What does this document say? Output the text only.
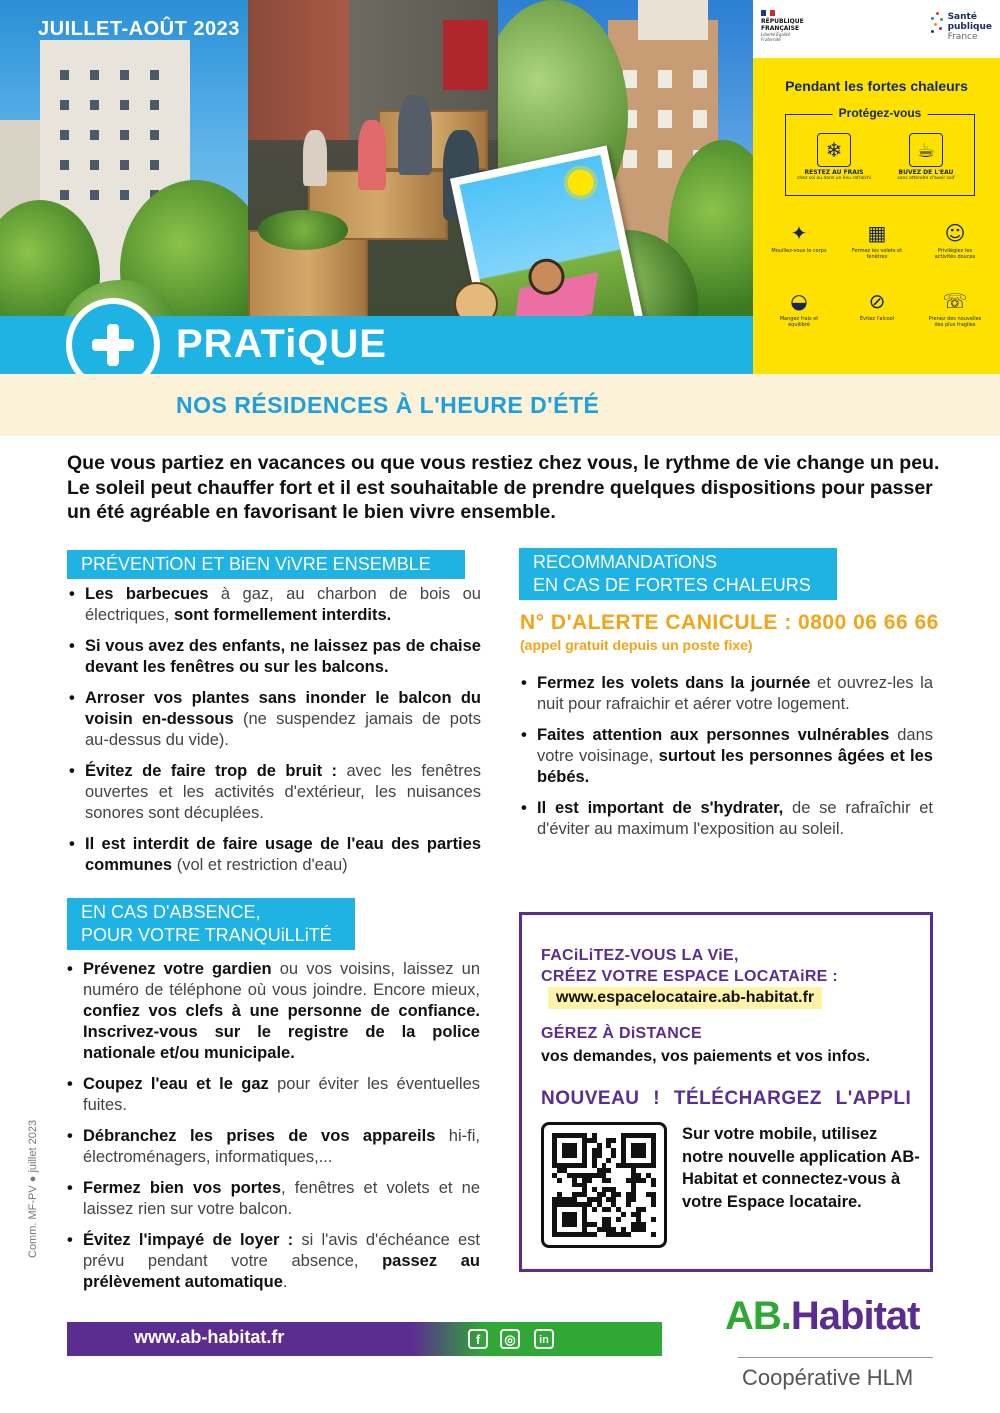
JUILLET-AOÛT 2023	RÉPUBLIQUE FRANÇAISE
Liberté Égalité Fraternité
Santé
publique
France
Pendant les fortes chaleurs
Protégez-vous
❄
RESTEZ AU FRAIS
chez soi ou dans un lieu rafraîchi
☕
BUVEZ DE L'EAU
sans attendre d'avoir soif
✦
Mouillez-vous le corps
▦
Fermez les volets et fenêtres
☺
Privilégiez les activités douces
◒
Mangez frais et équilibré
⊘
Évitez l'alcool
☏
Prenez des nouvelles des plus fragiles
PRATiQUE
NOS RÉSIDENCES À L'HEURE D'ÉTÉ

Que vous partiez en vacances ou que vous restiez chez vous, le rythme de vie change un peu. Le soleil peut chauffer fort et il est souhaitable de prendre quelques dispositions pour passer un été agréable en favorisant le bien vivre ensemble.

PRÉVENTiON ET BiEN ViVRE ENSEMBLE
• Les barbecues à gaz, au charbon de bois ou électriques, sont formellement interdits.
• Si vous avez des enfants, ne laissez pas de chaise devant les fenêtres ou sur les balcons.
• Arroser vos plantes sans inonder le balcon du voisin en-dessous (ne suspendez jamais de pots au-dessus du vide).
• Évitez de faire trop de bruit : avec les fenêtres ouvertes et les activités d'extérieur, les nuisances sonores sont décuplées.
• Il est interdit de faire usage de l'eau des parties communes (vol et restriction d'eau)
RECOMMANDATiONS
EN CAS DE FORTES CHALEURS
N° D'ALERTE CANICULE : 0800 06 66 66
(appel gratuit depuis un poste fixe)
• Fermez les volets dans la journée et ouvrez-les la nuit pour rafraichir et aérer votre logement.
• Faites attention aux personnes vulnérables dans votre voisinage, surtout les personnes âgées et les bébés.
• Il est important de s'hydrater, de se rafraîchir et d'éviter au maximum l'exposition au soleil.
EN CAS D'ABSENCE,
POUR VOTRE TRANQUiLLiTÉ
• Prévenez votre gardien ou vos voisins, laissez un numéro de téléphone où vous joindre. Encore mieux, confiez vos clefs à une personne de confiance. Inscrivez-vous sur le registre de la police nationale et/ou municipale.
• Coupez l'eau et le gaz pour éviter les éventuelles fuites.
• Débranchez les prises de vos appareils hi-fi, électroménagers, informatiques,...
• Fermez bien vos portes, fenêtres et volets et ne laissez rien sur votre balcon.
• Évitez l'impayé de loyer : si l'avis d'échéance est prévu pendant votre absence, passez au prélèvement automatique.
FACiLiTEZ-VOUS LA ViE,
CRÉEZ VOTRE ESPACE LOCATAiRE :
www.espacelocataire.ab-habitat.fr
GÉREZ À DiSTANCE
vos demandes, vos paiements et vos infos.
NOUVEAU ! TÉLÉCHARGEZ L'APPLI
Sur votre mobile, utilisez notre nouvelle application AB-Habitat et connectez-vous à votre Espace locataire.
Comm. MF-PV ● juillet 2023
www.ab-habitat.fr	f	◎	in
AB.Habitat
Coopérative HLM
